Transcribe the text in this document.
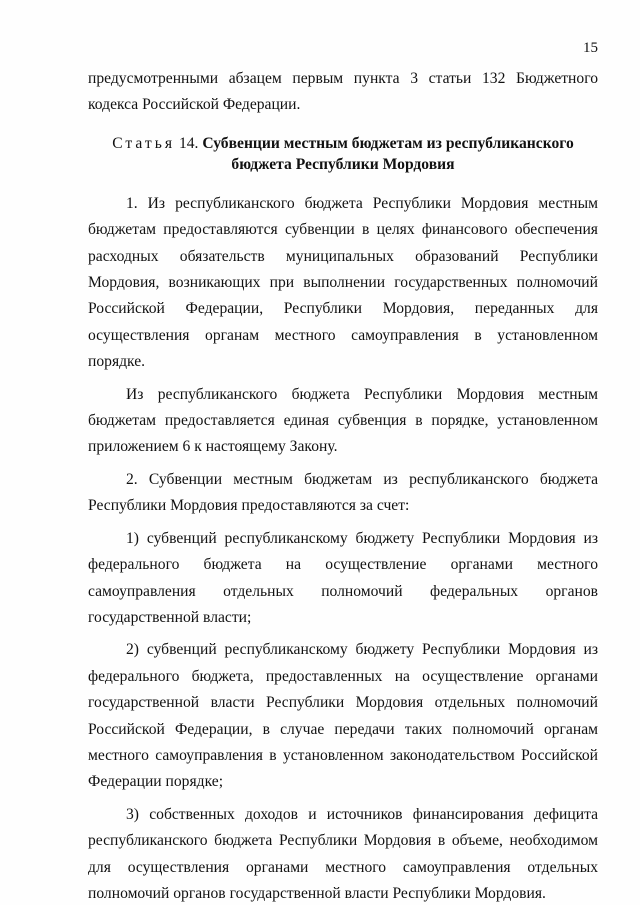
15

предусмотренными абзацем первым пункта 3 статьи 132 Бюджетного кодекса Российской Федерации.

Статья 14. Субвенции местным бюджетам из республиканского бюджета Республики Мордовия

1. Из республиканского бюджета Республики Мордовия местным бюджетам предоставляются субвенции в целях финансового обеспечения расходных обязательств муниципальных образований Республики Мордовия, возникающих при выполнении государственных полномочий Российской Федерации, Республики Мордовия, переданных для осуществления органам местного самоуправления в установленном порядке.

Из республиканского бюджета Республики Мордовия местным бюджетам предоставляется единая субвенция в порядке, установленном приложением 6 к настоящему Закону.

2. Субвенции местным бюджетам из республиканского бюджета Республики Мордовия предоставляются за счет:

1) субвенций республиканскому бюджету Республики Мордовия из федерального бюджета на осуществление органами местного самоуправления отдельных полномочий федеральных органов государственной власти;

2) субвенций республиканскому бюджету Республики Мордовия из федерального бюджета, предоставленных на осуществление органами государственной власти Республики Мордовия отдельных полномочий Российской Федерации, в случае передачи таких полномочий органам местного самоуправления в установленном законодательством Российской Федерации порядке;

3) собственных доходов и источников финансирования дефицита республиканского бюджета Республики Мордовия в объеме, необходимом для осуществления органами местного самоуправления отдельных полномочий органов государственной власти Республики Мордовия.
